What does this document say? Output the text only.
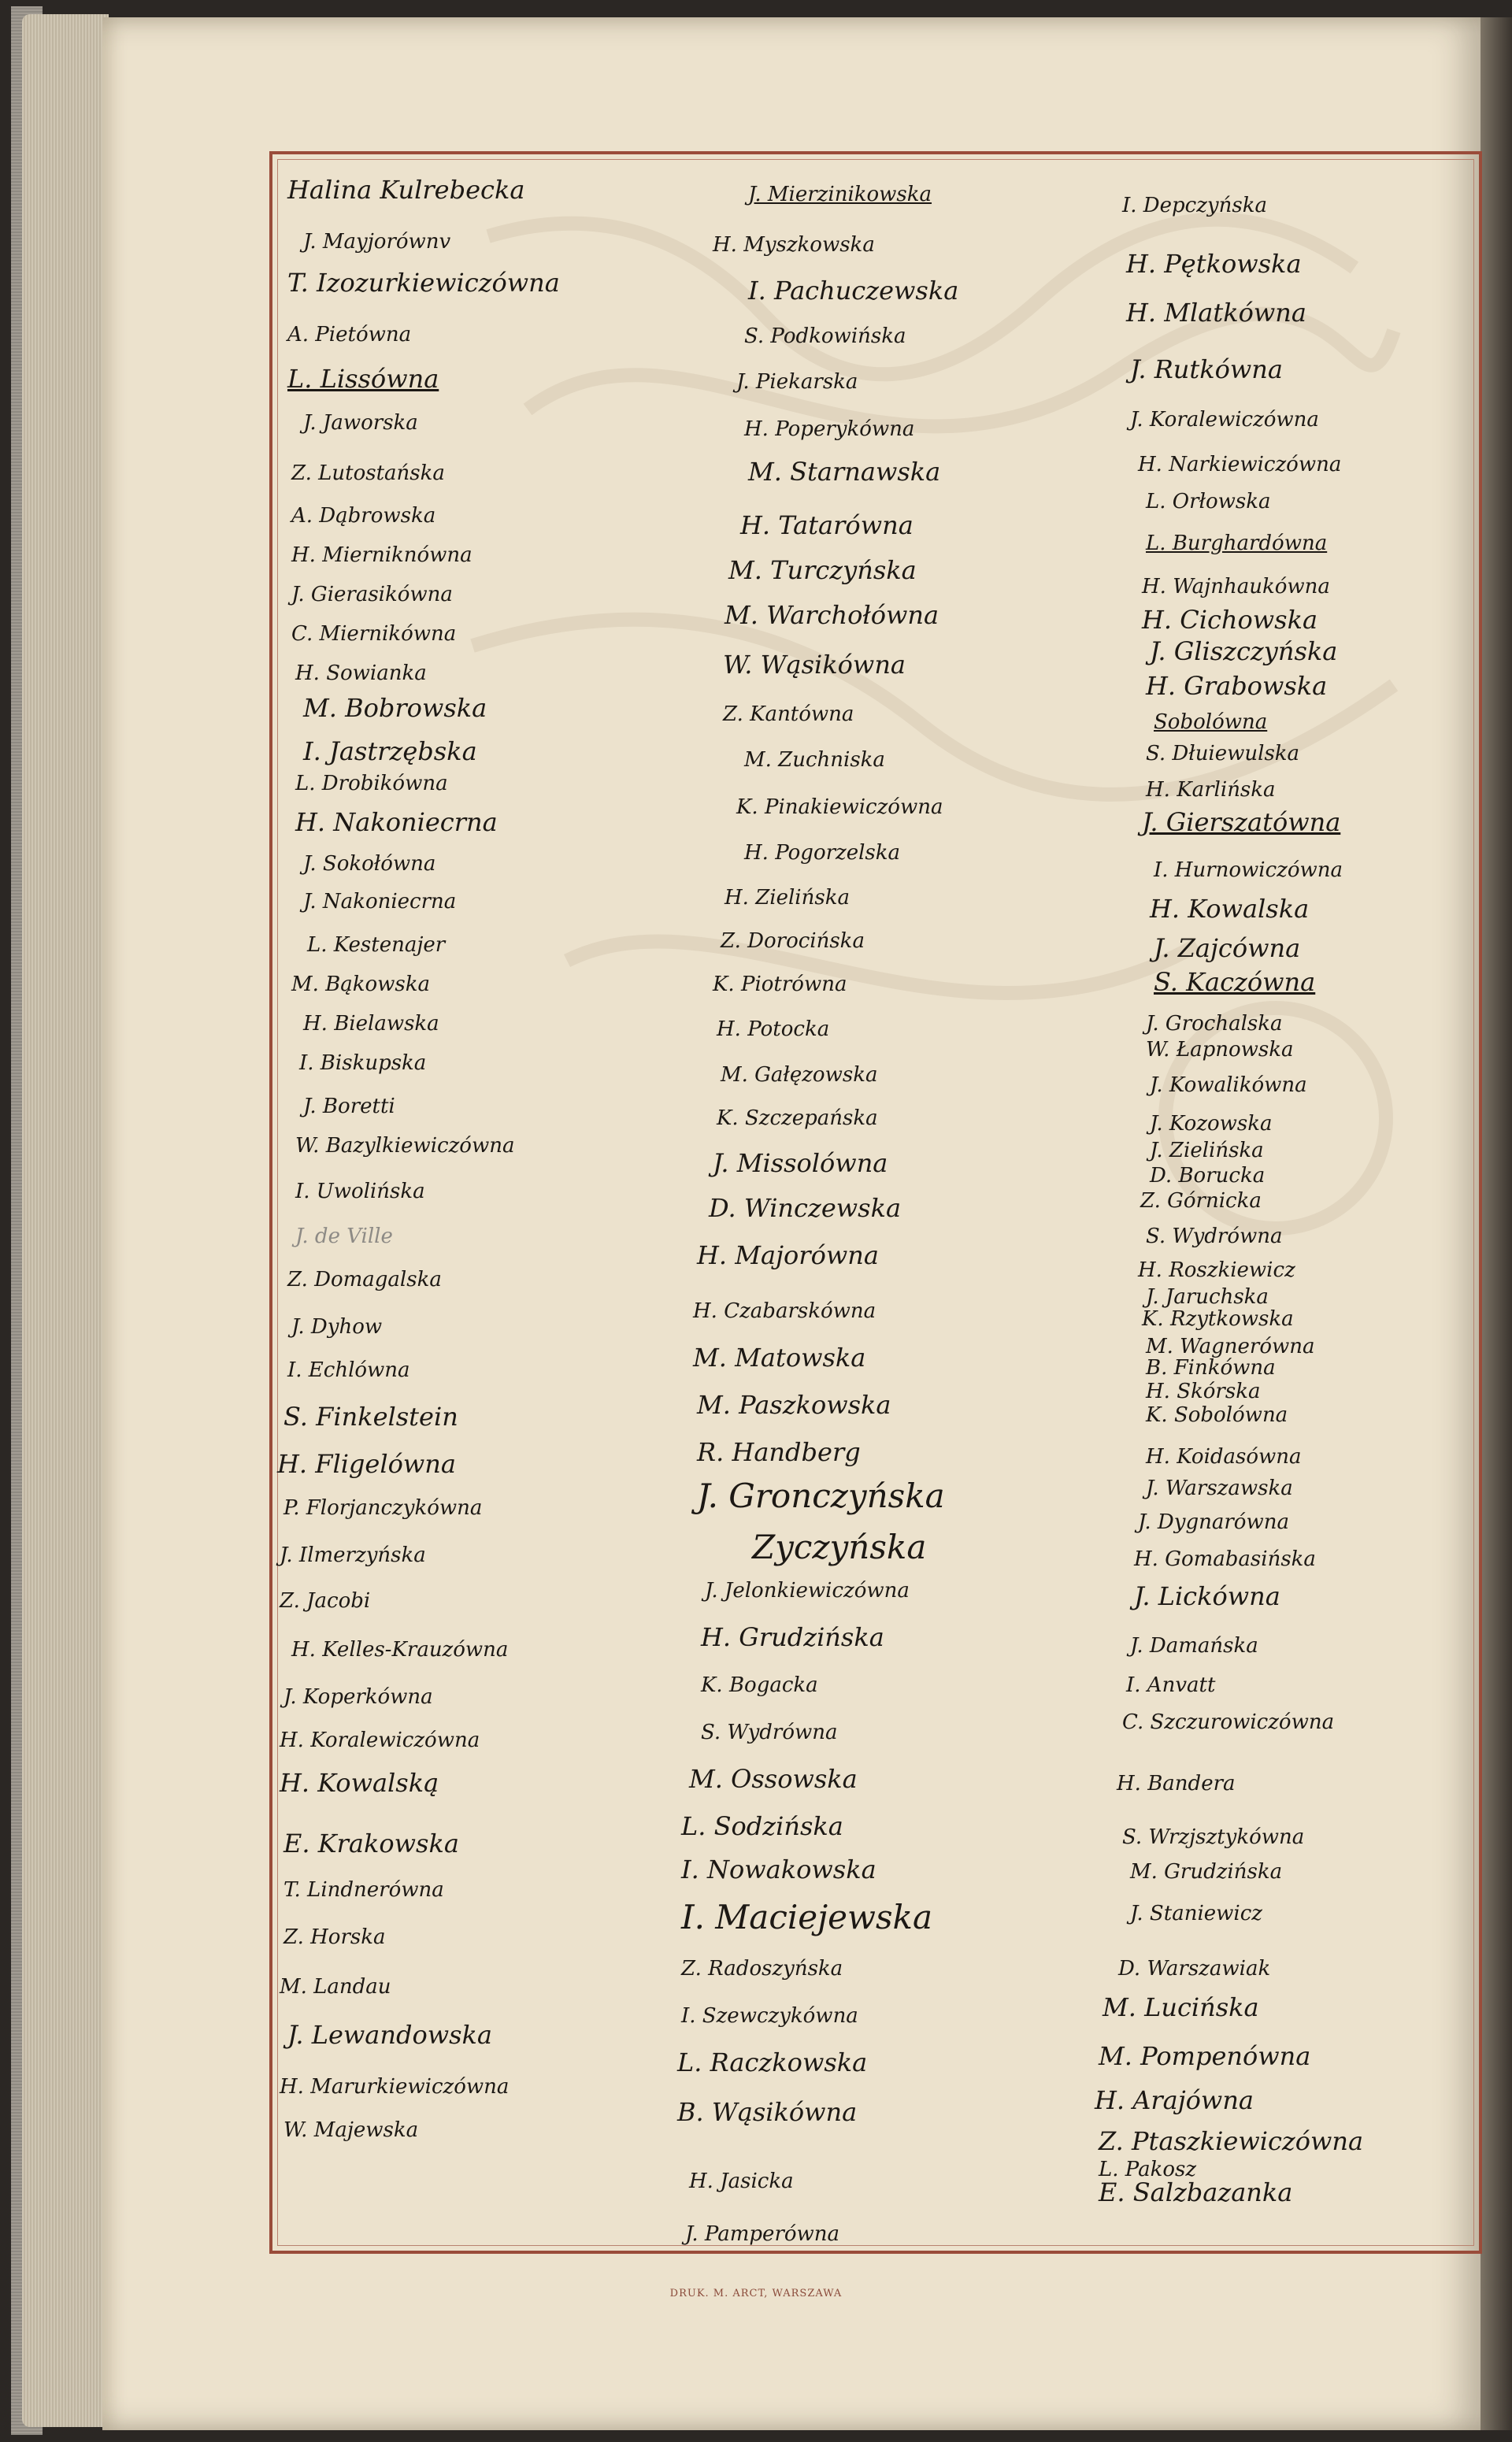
Halina Kulrebecka
J. Mayjorównv
T. Izozurkiewiczówna
A. Pietówna
L. Lissówna
J. Jaworska
Z. Lutostańska
A. Dąbrowska
H. Mierniknówna
J. Gierasikówna
C. Miernikówna
H. Sowianka
M. Bobrowska
I. Jastrzębska
L. Drobikówna
H. Nakoniecrna
J. Sokołówna
J. Nakoniecrna
L. Kestenajer
M. Bąkowska
H. Bielawska
I. Biskupska
J. Boretti
W. Bazylkiewiczówna
I. Uwolińska
J. de Ville
Z. Domagalska
J. Dyhow
I. Echlówna
S. Finkelstein
H. Fligelówna
P. Florjanczykówna
J. Ilmerzyńska
Z. Jacobi
H. Kelles-Krauzówna
J. Koperkówna
H. Koralewiczówna
H. Kowalską
E. Krakowska
T. Lindnerówna
Z. Horska
M. Landau
J. Lewandowska
H. Marurkiewiczówna
W. Majewska
J. Mierzinikowska
H. Myszkowska
I. Pachuczewska
S. Podkowińska
J. Piekarska
H. Poperykówna
M. Starnawska
H. Tatarówna
M. Turczyńska
M. Warchołówna
W. Wąsikówna
Z. Kantówna
M. Zuchniska
K. Pinakiewiczówna
H. Pogorzelska
H. Zielińska
Z. Dorocińska
K. Piotrówna
H. Potocka
M. Gałęzowska
K. Szczepańska
J. Missolówna
D. Winczewska
H. Majorówna
H. Czabarskówna
M. Matowska
M. Paszkowska
R. Handberg
J. Gronczyńska
Zyczyńska
J. Jelonkiewiczówna
H. Grudzińska
K. Bogacka
S. Wydrówna
M. Ossowska
L. Sodzińska
I. Nowakowska
I. Maciejewska
Z. Radoszyńska
I. Szewczykówna
L. Raczkowska
B. Wąsikówna
H. Jasicka
J. Pamperówna
I. Depczyńska
H. Pętkowska
H. Mlatkówna
J. Rutkówna
J. Koralewiczówna
H. Narkiewiczówna
L. Orłowska
L. Burghardówna
H. Wajnhaukówna
H. Cichowska
J. Gliszczyńska
H. Grabowska
Sobolówna
S. Dłuiewulska
H. Karlińska
J. Gierszatówna
I. Hurnowiczówna
H. Kowalska
J. Zajcówna
S. Kaczówna
J. Grochalska
W. Łapnowska
J. Kowalikówna
J. Kozowska
J. Zielińska
D. Borucka
Z. Górnicka
S. Wydrówna
H. Roszkiewicz
J. Jaruchska
K. Rzytkowska
M. Wagnerówna
B. Finkówna
H. Skórska
K. Sobolówna
H. Koidasówna
J. Warszawska
J. Dygnarówna
H. Gomabasińska
J. Lickówna
J. Damańska
I. Anvatt
C. Szczurowiczówna
H. Bandera
S. Wrzjsztykówna
M. Grudzińska
J. Staniewicz
D. Warszawiak
M. Lucińska
M. Pompenówna
H. Arajówna
Z. Ptaszkiewiczówna
L. Pakosz
E. Salzbazanka
DRUK. M. ARCT, WARSZAWA
